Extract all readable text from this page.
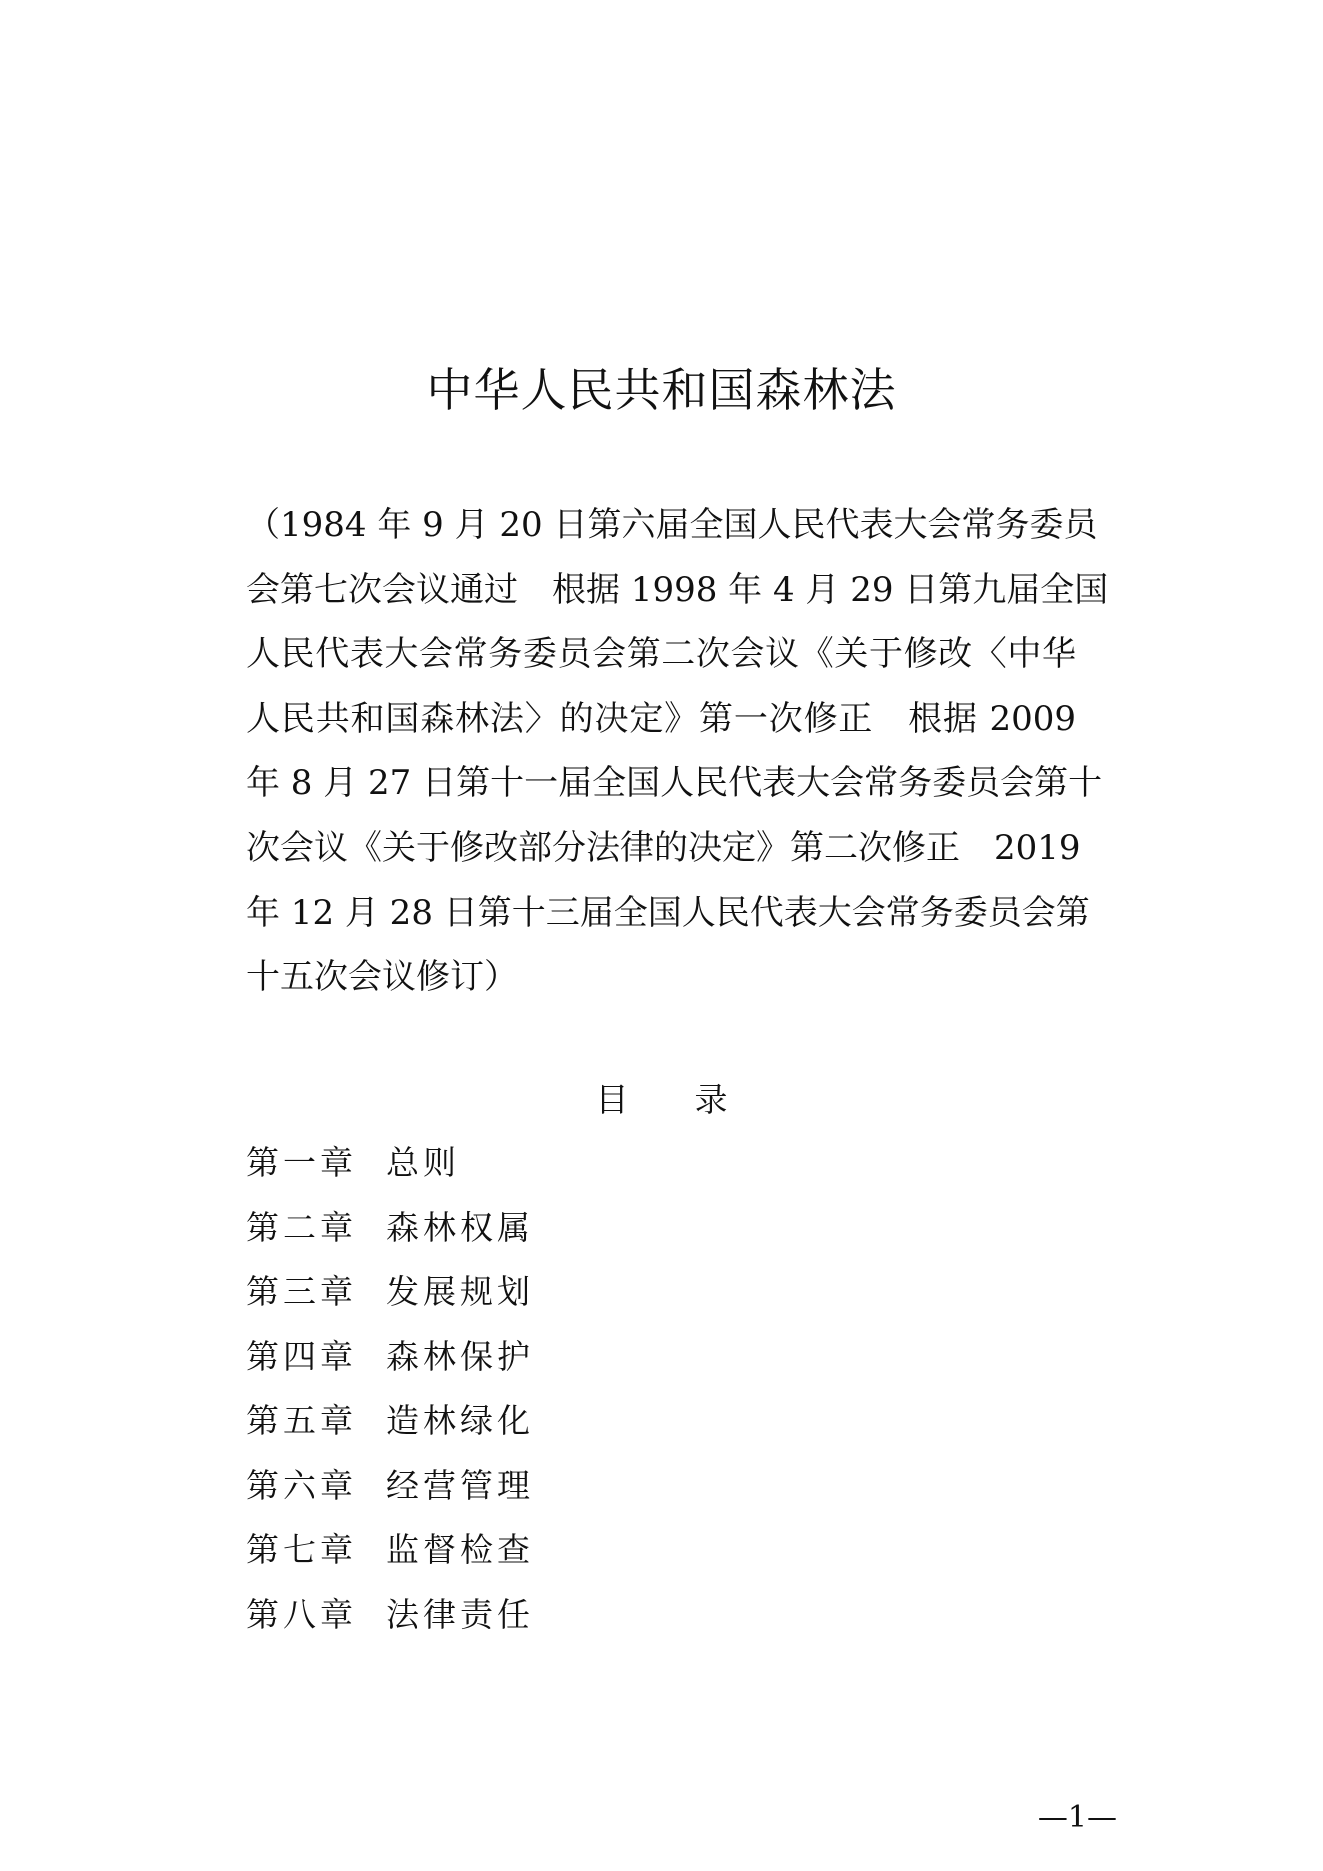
中华人民共和国森林法
（1984 年 9 月 20 日第六届全国人民代表大会常务委员
会第七次会议通过　根据 1998 年 4 月 29 日第九届全国
人民代表大会常务委员会第二次会议《关于修改〈中华
人民共和国森林法〉的决定》第一次修正　根据 2009
年 8 月 27 日第十一届全国人民代表大会常务委员会第十
次会议《关于修改部分法律的决定》第二次修正　2019
年 12 月 28 日第十三届全国人民代表大会常务委员会第
十五次会议修订）
目　　录
第一章 总则
第二章 森林权属
第三章 发展规划
第四章 森林保护
第五章 造林绿化
第六章 经营管理
第七章 监督检查
第八章 法律责任
—1—
